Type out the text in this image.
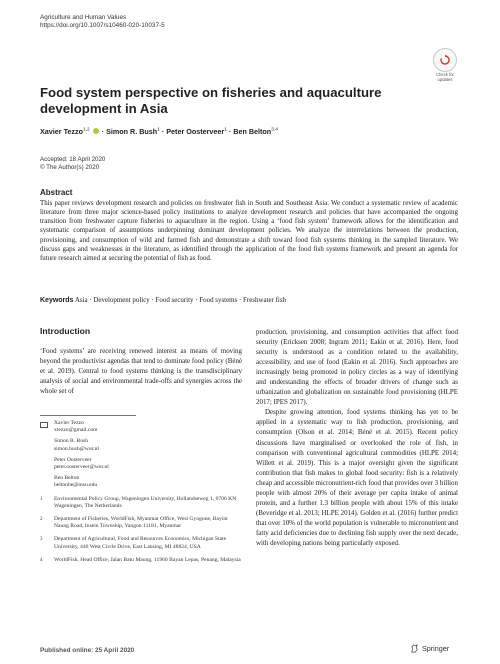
Agriculture and Human Values
https://doi.org/10.1007/s10460-020-10037-5
Check for
updates
Food system perspective on fisheries and aquaculture development in Asia
Xavier Tezzo$^{1,2}$  · Simon R. Bush$^1$ · Peter Oosterveer$^1$ · Ben Belton$^{3,4}$
Accepted: 18 April 2020
© The Author(s) 2020
Abstract
This paper reviews development research and policies on freshwater fish in South and Southeast Asia. We conduct a systematic review of academic literature from three major science-based policy institutions to analyze development research and policies that have accompanied the ongoing transition from freshwater capture fisheries to aquaculture in the region. Using a ‘food fish system’ framework allows for the identification and systematic comparison of assumptions underpinning dominant development policies. We analyze the interrelations between the production, provisioning, and consumption of wild and farmed fish and demonstrate a shift toward food fish systems thinking in the sampled literature. We discuss gaps and weaknesses in the literature, as identified through the application of the food fish systems framework and present an agenda for future research aimed at securing the potential of fish as food.
Keywords Asia · Development policy · Food security · Food systems · Freshwater fish
Introduction
‘Food systems’ are receiving renewed interest as means of moving beyond the productivist agendas that tend to dominate food policy (Béné et al. 2019). Central to food systems thinking is the transdisciplinary analysis of social and environmental trade-offs and synergies across the whole set of

production, provisioning, and consumption activities that affect food security (Ericksen 2008; Ingram 2011; Eakin et al. 2016). Here, food security is understood as a condition related to the availability, accessibility, and use of food (Eakin et al. 2016). Such approaches are increasingly being promoted in policy circles as a way of identifying and understanding the effects of broader drivers of change such as urbanization and globalization on sustainable food provisioning (HLPE 2017; IPES 2017).

Despite growing attention, food systems thinking has yet to be applied in a systematic way to fish production, provisioning, and consumption (Olson et al. 2014; Béné et al. 2015). Recent policy discussions have marginalised or overlooked the role of fish, in comparison with conventional agricultural commodities (HLPE 2014; Willett et al. 2019). This is a major oversight given the significant contribution that fish makes to global food security: fish is a relatively cheap and accessible micronutrient-rich food that provides over 3 billion people with almost 20% of their average per capita intake of animal protein, and a further 1.3 billion people with about 15% of this intake (Beveridge et al. 2013; HLPE 2014). Golden et al. (2016) further predict that over 10% of the world population is vulnerable to micronutrient and fatty acid deficiencies due to declining fish supply over the next decade, with developing nations being particularly exposed.

Xavier Tezzo
xtezzo@gmail.com
Simon R. Bush
simon.bush@wur.nl
Peter Oosterveer
peter.oosterveer@wur.nl
Ben Belton
beltonbe@msu.edu
1	Environmental Policy Group, Wageningen University, Hollandseweg 1, 6706 KN Wageningen, The Netherlands
2	Department of Fisheries, WorldFish, Myanmar Office, West Gyogone, Bayint Naung Road, Insein Township, Yangon 11181, Myanmar
3	Department of Agricultural, Food and Resources Economics, Michigan State University, 446 West Circle Drive, East Lansing, MI 48824, USA
4	WorldFish, Head Office, Jalan Batu Maung, 11960 Bayan Lepas, Penang, Malaysia
Published online: 25 April 2020	Springer
